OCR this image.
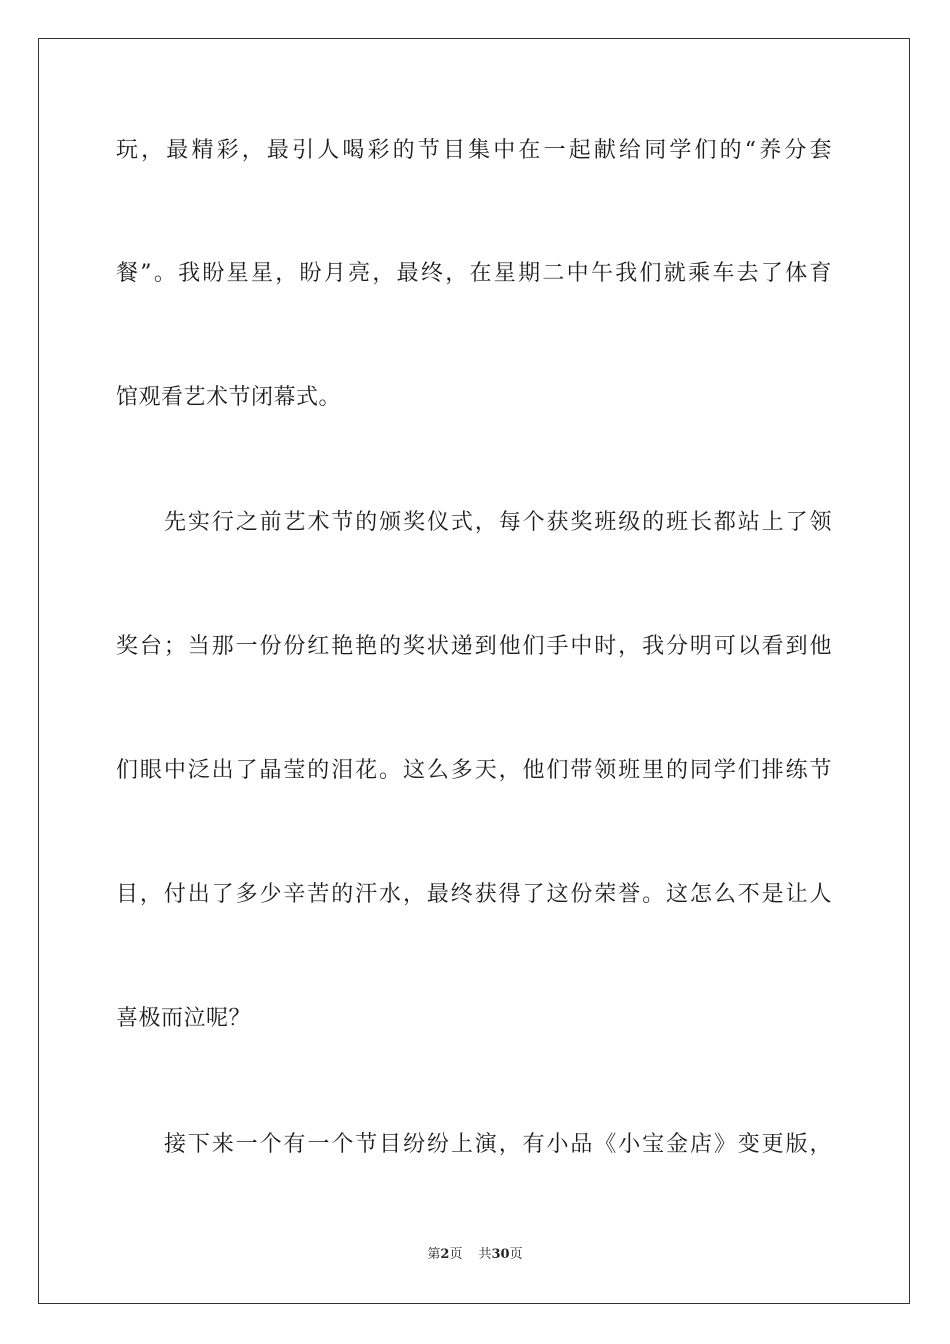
玩，最精彩，最引人喝彩的节目集中在一起献给同学们的“养分套
餐”。我盼星星，盼月亮，最终，在星期二中午我们就乘车去了体育
馆观看艺术节闭幕式。
先实行之前艺术节的颁奖仪式，每个获奖班级的班长都站上了领
奖台；当那一份份红艳艳的奖状递到他们手中时，我分明可以看到他
们眼中泛出了晶莹的泪花。这么多天，他们带领班里的同学们排练节
目，付出了多少辛苦的汗水，最终获得了这份荣誉。这怎么不是让人
喜极而泣呢？
接下来一个有一个节目纷纷上演，有小品《小宝金店》变更版，
第2页 共30页
